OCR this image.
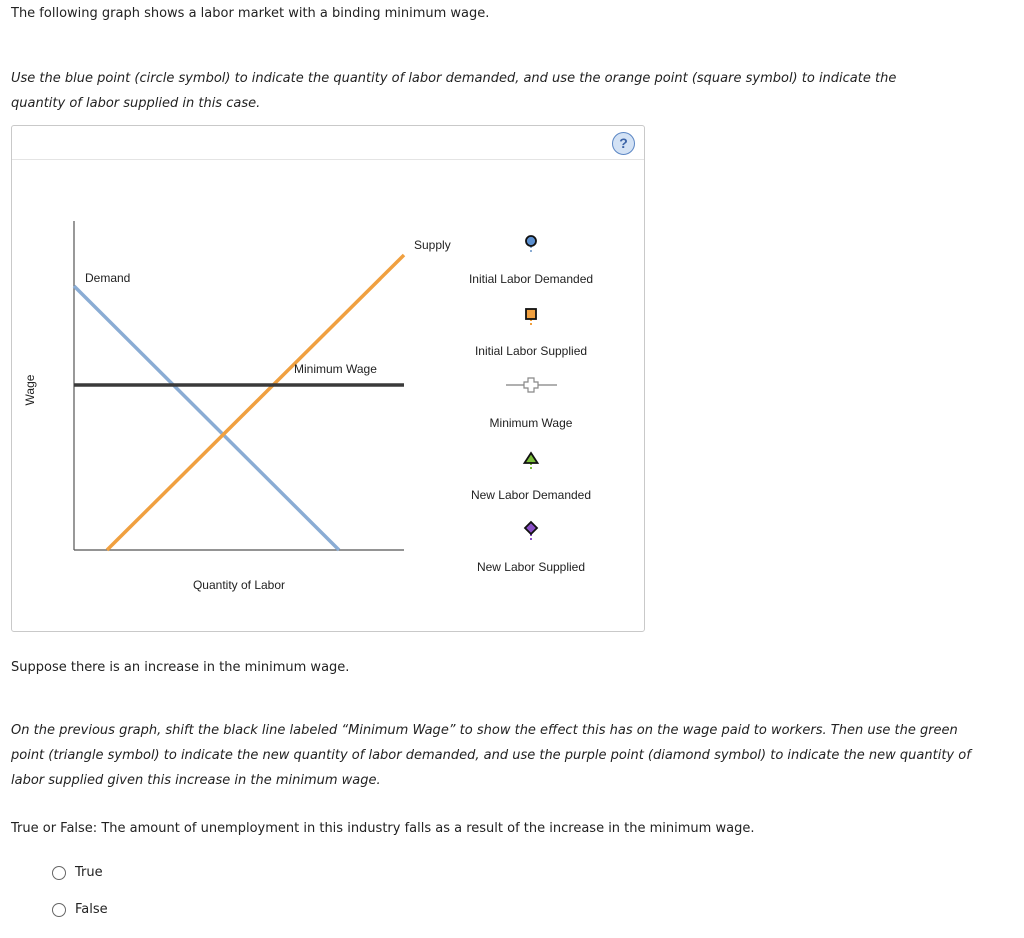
The following graph shows a labor market with a binding minimum wage.
Use the blue point (circle symbol) to indicate the quantity of labor demanded, and use the orange point (square symbol) to indicate the quantity of labor supplied in this case.
?
Wage
Quantity of Labor
Demand
Supply
Minimum Wage
Initial Labor Demanded
Initial Labor Supplied
Minimum Wage
New Labor Demanded
New Labor Supplied
Suppose there is an increase in the minimum wage.
On the previous graph, shift the black line labeled “Minimum Wage” to show the effect this has on the wage paid to workers. Then use the green point (triangle symbol) to indicate the new quantity of labor demanded, and use the purple point (diamond symbol) to indicate the new quantity of labor supplied given this increase in the minimum wage.
True or False: The amount of unemployment in this industry falls as a result of the increase in the minimum wage.
True
False
